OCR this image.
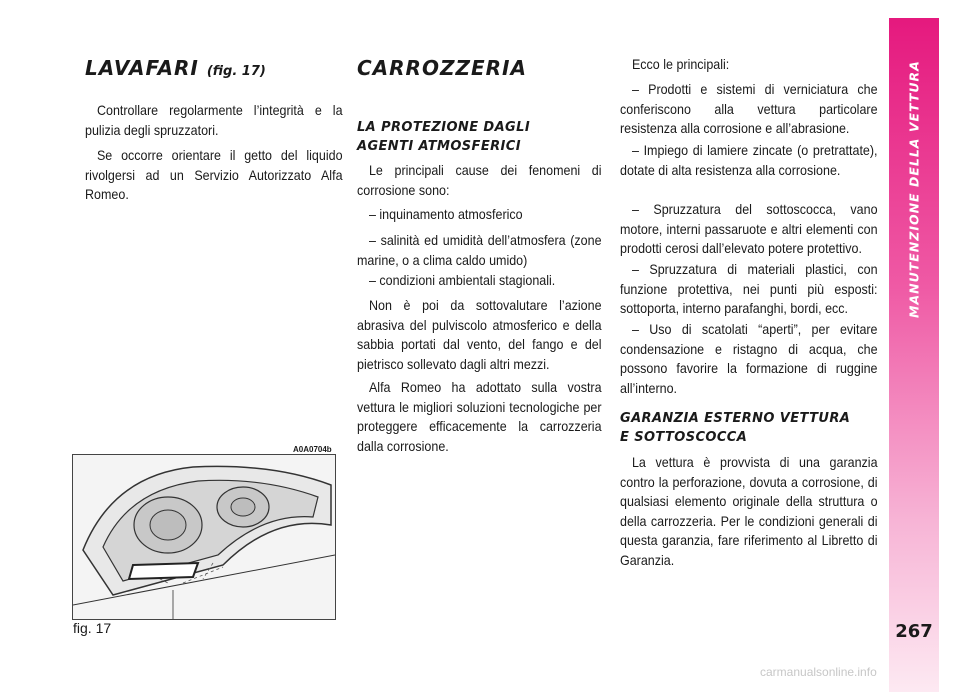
LAVAFARI (fig. 17)

Controllare regolarmente l’integrità e la pulizia degli spruzzatori.

Se occorre orientare il getto del liquido rivolgersi ad un Servizio Autorizzato Alfa Romeo.

A0A0704b
fig. 17
CARROZZERIA
LA PROTEZIONE DAGLI
AGENTI ATMOSFERICI

Le principali cause dei fenomeni di corrosione sono:

– inquinamento atmosferico

– salinità ed umidità dell’atmosfera (zone marine, o a clima caldo umido)

– condizioni ambientali stagionali.

Non è poi da sottovalutare l’azione abrasiva del pulviscolo atmosferico e della sabbia portati dal vento, del fango e del pietrisco sollevato dagli altri mezzi.

Alfa Romeo ha adottato sulla vostra vettura le migliori soluzioni tecnologiche per proteggere efficacemente la carrozzeria dalla corrosione.

Ecco le principali:

– Prodotti e sistemi di verniciatura che conferiscono alla vettura particolare resistenza alla corrosione e all’abrasione.

– Impiego di lamiere zincate (o pretrattate), dotate di alta resistenza alla corrosione.

– Spruzzatura del sottoscocca, vano motore, interni passaruote e altri elementi con prodotti cerosi dall’elevato potere protettivo.

– Spruzzatura di materiali plastici, con funzione protettiva, nei punti più esposti: sottoporta, interno parafanghi, bordi, ecc.

– Uso di scatolati “aperti”, per evitare condensazione e ristagno di acqua, che possono favorire la formazione di ruggine all’interno.

GARANZIA ESTERNO VETTURA
E SOTTOSCOCCA

La vettura è provvista di una garanzia contro la perforazione, dovuta a corrosione, di qualsiasi elemento originale della struttura o della carrozzeria. Per le condizioni generali di questa garanzia, fare riferimento al Libretto di Garanzia.

MANUTENZIONE DELLA VETTURA
267
carmanualsonline.info
